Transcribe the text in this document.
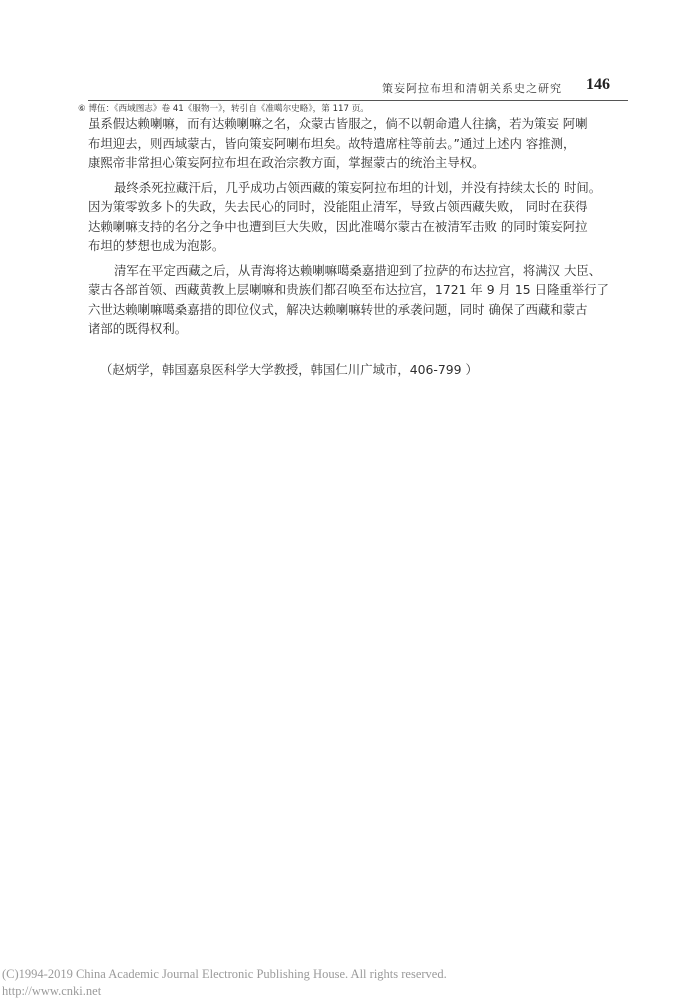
策妄阿拉布坦和清朝关系史之研究 146
⑥ 博伍：《西域图志》卷 41《服物一》，转引自《准噶尔史略》，第 117 页。
虽系假达赖喇嘛，而有达赖喇嘛之名，众蒙古皆服之，倘不以朝命遣人往擒，若为策妄 阿喇
布坦迎去，则西域蒙古，皆向策妄阿喇布坦矣。故特遣席柱等前去。”通过上述内 容推测，
康熙帝非常担心策妄阿拉布坦在政治宗教方面，掌握蒙古的统治主导权。
最终杀死拉藏汗后，几乎成功占领西藏的策妄阿拉布坦的计划，并没有持续太长的 时间。
因为策零敦多卜的失政，失去民心的同时，没能阻止清军，导致占领西藏失败， 同时在获得
达赖喇嘛支持的名分之争中也遭到巨大失败，因此准噶尔蒙古在被清军击败 的同时策妄阿拉
布坦的梦想也成为泡影。
清军在平定西藏之后，从青海将达赖喇嘛噶桑嘉措迎到了拉萨的布达拉宫，将满汉 大臣、
蒙古各部首领、西藏黄教上层喇嘛和贵族们都召唤至布达拉宫，1721 年 9 月 15 日隆重举行了
六世达赖喇嘛噶桑嘉措的即位仪式，解决达赖喇嘛转世的承袭问题，同时 确保了西藏和蒙古
诸部的既得权利。
（赵炳学，韩国嘉泉医科学大学教授，韩国仁川广域市，406-799 ）
(C)1994-2019 China Academic Journal Electronic Publishing House. All rights reserved.
http://www.cnki.net
